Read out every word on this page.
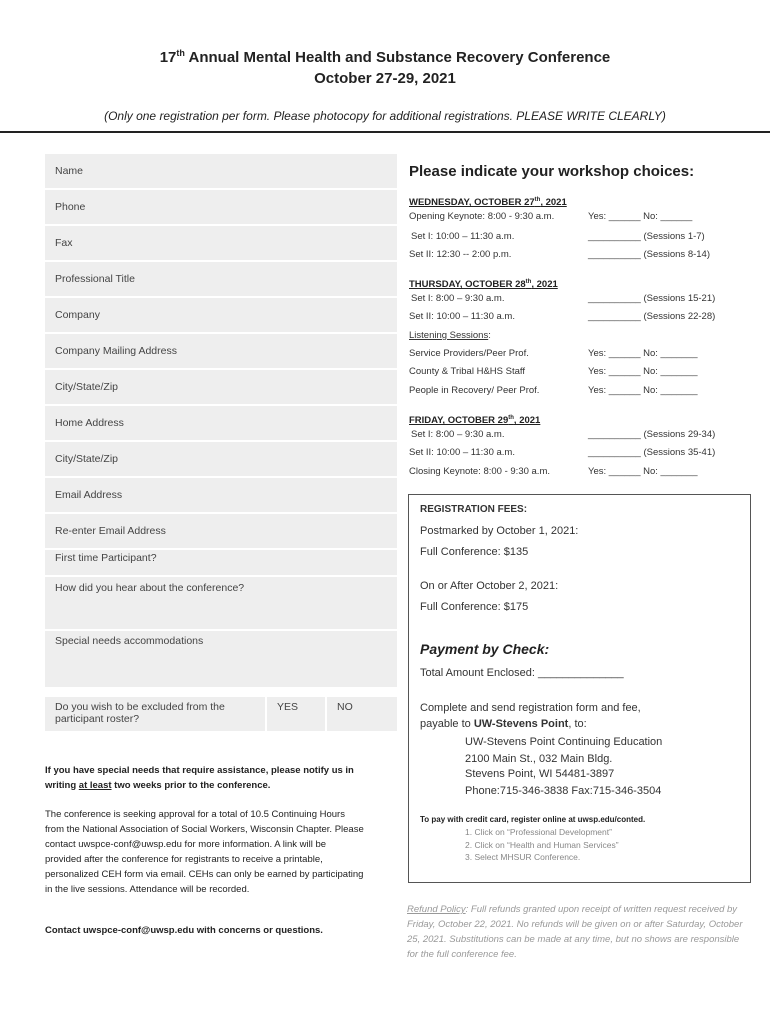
17th Annual Mental Health and Substance Recovery Conference
October 27-29, 2021
(Only one registration per form. Please photocopy for additional registrations. PLEASE WRITE CLEARLY)
Name
Phone
Fax
Professional Title
Company
Company Mailing Address
City/State/Zip
Home Address
City/State/Zip
Email Address
Re-enter Email Address
First time Participant?
How did you hear about the conference?
Special needs accommodations
Do you wish to be excluded from the participant roster?
YES	NO
If you have special needs that require assistance, please notify us in writing at least two weeks prior to the conference.
The conference is seeking approval for a total of 10.5 Continuing Hours from the National Association of Social Workers, Wisconsin Chapter. Please contact uwspce-conf@uwsp.edu for more information. A link will be provided after the conference for registrants to receive a printable, personalized CEH form via email. CEHs can only be earned by participating in the live sessions. Attendance will be recorded.
Contact uwspce-conf@uwsp.edu with concerns or questions.
Please indicate your workshop choices:
WEDNESDAY, OCTOBER 27th, 2021
Opening Keynote: 8:00 - 9:30 a.m.	Yes: ______ No: ______
Set I: 10:00 – 11:30 a.m.	__________ (Sessions 1-7)
Set II: 12:30 -- 2:00 p.m.	__________ (Sessions 8-14)
THURSDAY, OCTOBER 28th, 2021
Set I: 8:00 – 9:30 a.m.	__________ (Sessions 15-21)
Set II: 10:00 – 11:30 a.m.	__________ (Sessions 22-28)
Listening Sessions:
Service Providers/Peer Prof.	Yes: ______ No: _______
County & Tribal H&HS Staff	Yes: ______ No: _______
People in Recovery/ Peer Prof.	Yes: ______ No: _______
FRIDAY, OCTOBER 29th, 2021
Set I: 8:00 – 9:30 a.m.	__________ (Sessions 29-34)
Set II: 10:00 – 11:30 a.m.	__________ (Sessions 35-41)
Closing Keynote: 8:00 - 9:30 a.m.	Yes: ______ No: _______
REGISTRATION FEES:
Postmarked by October 1, 2021:
Full Conference: $135
On or After October 2, 2021:
Full Conference: $175
Payment by Check:
Total Amount Enclosed: ______________
Complete and send registration form and fee,
payable to UW-Stevens Point, to:
UW-Stevens Point Continuing Education
2100 Main St., 032 Main Bldg.
Stevens Point, WI 54481-3897
Phone:715-346-3838 Fax:715-346-3504
To pay with credit card, register online at uwsp.edu/conted.
1. Click on “Professional Development”
2. Click on “Health and Human Services”
3. Select MHSUR Conference.
Refund Policy: Full refunds granted upon receipt of written request received by Friday, October 22, 2021. No refunds will be given on or after Saturday, October 25, 2021. Substitutions can be made at any time, but no shows are responsible for the full conference fee.
